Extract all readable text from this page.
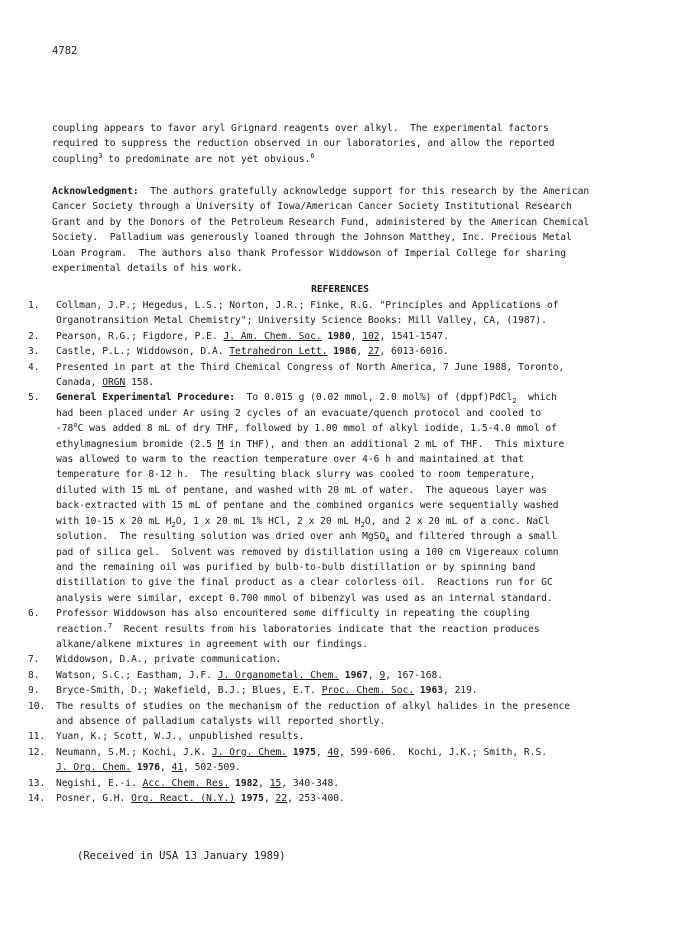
4782
coupling appears to favor aryl Grignard reagents over alkyl.  The experimental factors
required to suppress the reduction observed in our laboratories, and allow the reported
coupling$^3$ to predominate are not yet obvious.$^6$
Acknowledgment:  The authors gratefully acknowledge support for this research by the American
Cancer Society through a University of Iowa/American Cancer Society Institutional Research
Grant and by the Donors of the Petroleum Research Fund, administered by the American Chemical
Society.  Palladium was generously loaned through the Johnson Matthey, Inc. Precious Metal
Loan Program.  The authors also thank Professor Widdowson of Imperial College for sharing
experimental details of his work.
REFERENCES
1.	Collman, J.P.; Hegedus, L.S.; Norton, J.R.; Finke, R.G. "Principles and Applications of
Organotransition Metal Chemistry"; University Science Books: Mill Valley, CA, (1987).
2.	Pearson, R.G.; Figdore, P.E. J. Am. Chem. Soc. 1980, 102, 1541-1547.
3.	Castle, P.L.; Widdowson, D.A. Tetrahedron Lett. 1986, 27, 6013-6016.
4.	Presented in part at the Third Chemical Congress of North America, 7 June 1988, Toronto,
Canada, ORGN 158.
5.	General Experimental Procedure:  To 0.015 g (0.02 mmol, 2.0 mol%) of (dppf)PdCl$_2$  which
had been placed under Ar using 2 cycles of an evacuate/quench protocol and cooled to
-78$^o$C was added 8 mL of dry THF, followed by 1.00 mmol of alkyl iodide, 1.5-4.0 mmol of
ethylmagnesium bromide (2.5 M in THF), and then an additional 2 mL of THF.  This mixture
was allowed to warm to the reaction temperature over 4-6 h and maintained at that
temperature for 8-12 h.  The resulting black slurry was cooled to room temperature,
diluted with 15 mL of pentane, and washed with 20 mL of water.  The aqueous layer was
back-extracted with 15 mL of pentane and the combined organics were sequentially washed
with 10-15 x 20 mL $H_2O$, 1 x 20 mL 1% HCl, 2 x 20 mL $H_2O$, and 2 x 20 mL of a conc. NaCl
solution.  The resulting solution was dried over anh MgSO$_4$ and filtered through a small
pad of silica gel.  Solvent was removed by distillation using a 100 cm Vigereaux column
and the remaining oil was purified by bulb-to-bulb distillation or by spinning band
distillation to give the final product as a clear colorless oil.  Reactions run for GC
analysis were similar, except 0.700 mmol of bibenzyl was used as an internal standard.
6.	Professor Widdowson has also encountered some difficulty in repeating the coupling
reaction.$^7$  Recent results from his laboratories indicate that the reaction produces
alkane/alkene mixtures in agreement with our findings.
7.	Widdowson, D.A., private communication.
8.	Watson, S.C.; Eastham, J.F. J. Organometal. Chem. 1967, 9, 167-168.
9.	Bryce-Smith, D.; Wakefield, B.J.; Blues, E.T. Proc. Chem. Soc. 1963, 219.
10.	The results of studies on the mechanism of the reduction of alkyl halides in the presence
and absence of palladium catalysts will reported shortly.
11.	Yuan, K.; Scott, W.J., unpublished results.
12.	Neumann, S.M.; Kochi, J.K. J. Org. Chem. 1975, 40, 599-606.  Kochi, J.K.; Smith, R.S.
J. Org. Chem. 1976, 41, 502-509.
13.	Negishi, E.-i. Acc. Chem. Res. 1982, 15, 340-348.
14.	Posner, G.H. Org. React. (N.Y.) 1975, 22, 253-400.
(Received in USA 13 January 1989)
